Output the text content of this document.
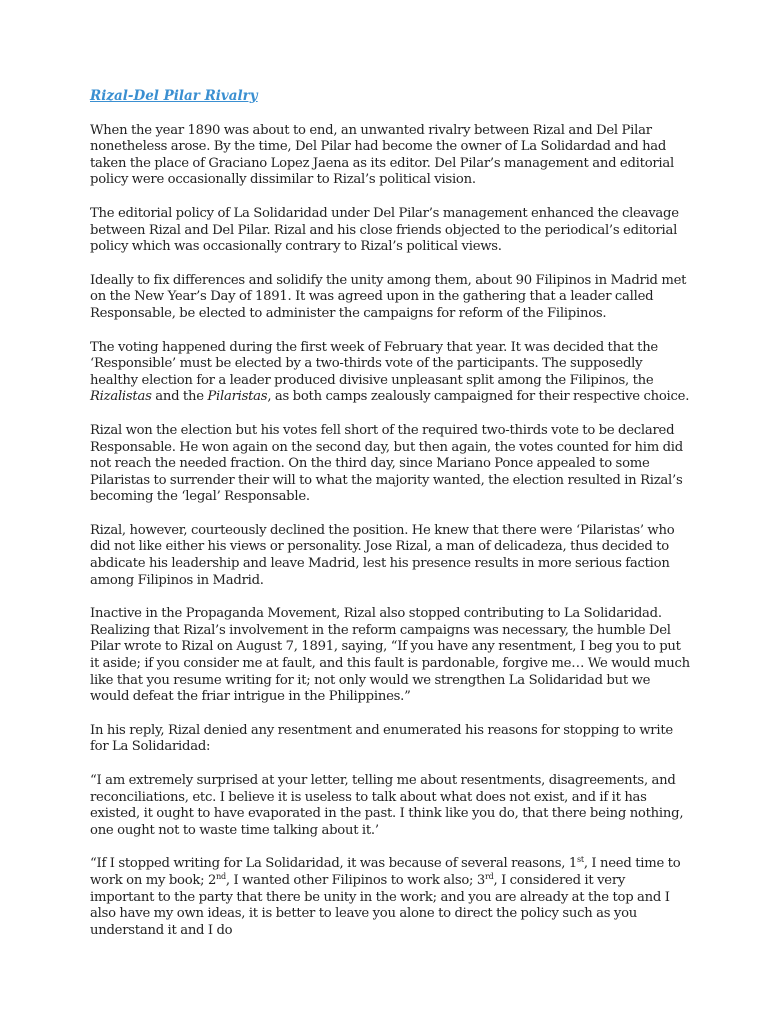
Rizal-Del Pilar Rivalry

When the year 1890 was about to end, an unwanted rivalry between Rizal and Del Pilar nonetheless arose. By the time, Del Pilar had become the owner of La Solidardad and had taken the place of Graciano Lopez Jaena as its editor. Del Pilar’s management and editorial policy were occasionally dissimilar to Rizal’s political vision.

The editorial policy of La Solidaridad under Del Pilar’s management enhanced the cleavage between Rizal and Del Pilar. Rizal and his close friends objected to the periodical’s editorial policy which was occasionally contrary to Rizal’s political views.

Ideally to fix differences and solidify the unity among them, about 90 Filipinos in Madrid met on the New Year’s Day of 1891. It was agreed upon in the gathering that a leader called Responsable, be elected to administer the campaigns for reform of the Filipinos.

The voting happened during the first week of February that year. It was decided that the ‘Responsible’ must be elected by a two-thirds vote of the participants. The supposedly healthy election for a leader produced divisive unpleasant split among the Filipinos, the Rizalistas and the Pilaristas, as both camps zealously campaigned for their respective choice.

Rizal won the election but his votes fell short of the required two-thirds vote to be declared Responsable. He won again on the second day, but then again, the votes counted for him did not reach the needed fraction. On the third day, since Mariano Ponce appealed to some Pilaristas to surrender their will to what the majority wanted, the election resulted in Rizal’s becoming the ‘legal’ Responsable.

Rizal, however, courteously declined the position. He knew that there were ‘Pilaristas’ who did not like either his views or personality. Jose Rizal, a man of delicadeza, thus decided to abdicate his leadership and leave Madrid, lest his presence results in more serious faction among Filipinos in Madrid.

Inactive in the Propaganda Movement, Rizal also stopped contributing to La Solidaridad. Realizing that Rizal’s involvement in the reform campaigns was necessary, the humble Del Pilar wrote to Rizal on August 7, 1891, saying, “If you have any resentment, I beg you to put it aside; if you consider me at fault, and this fault is pardonable, forgive me… We would much like that you resume writing for it; not only would we strengthen La Solidaridad but we would defeat the friar intrigue in the Philippines.”

In his reply, Rizal denied any resentment and enumerated his reasons for stopping to write for La Solidaridad:

“I am extremely surprised at your letter, telling me about resentments, disagreements, and reconciliations, etc. I believe it is useless to talk about what does not exist, and if it has existed, it ought to have evaporated in the past. I think like you do, that there being nothing, one ought not to waste time talking about it.’

“If I stopped writing for La Solidaridad, it was because of several reasons, 1st, I need time to work on my book; 2nd, I wanted other Filipinos to work also; 3rd, I considered it very important to the party that there be unity in the work; and you are already at the top and I also have my own ideas, it is better to leave you alone to direct the policy such as you understand it and I do
